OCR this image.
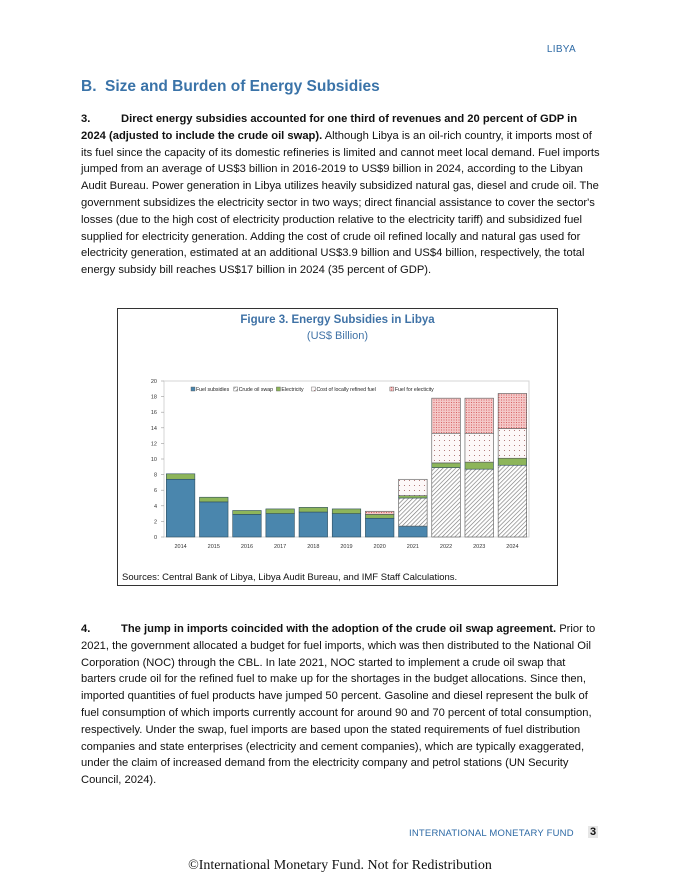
LIBYA
B. Size and Burden of Energy Subsidies
3.	Direct energy subsidies accounted for one third of revenues and 20 percent of GDP in 2024 (adjusted to include the crude oil swap). Although Libya is an oil-rich country, it imports most of its fuel since the capacity of its domestic refineries is limited and cannot meet local demand. Fuel imports jumped from an average of US$3 billion in 2016-2019 to US$9 billion in 2024, according to the Libyan Audit Bureau. Power generation in Libya utilizes heavily subsidized natural gas, diesel and crude oil. The government subsidizes the electricity sector in two ways; direct financial assistance to cover the sector's losses (due to the high cost of electricity production relative to the electricity tariff) and subsidized fuel supplied for electricity generation. Adding the cost of crude oil refined locally and natural gas used for electricity generation, estimated at an additional US$3.9 billion and US$4 billion, respectively, the total energy subsidy bill reaches US$17 billion in 2024 (35 percent of GDP).
Figure 3. Energy Subsidies in Libya
(US$ Billion)
0
2
4
6
8
10
12
14
16
18
20
2014	2015	2016	2017	2018	2019	2020	2021	2022	2023	2024
Fuel subsidies Crude oil swap Electricity Cost of locally refined fuel	Fuel for electicity
Sources: Central Bank of Libya, Libya Audit Bureau, and IMF Staff Calculations.
4.	The jump in imports coincided with the adoption of the crude oil swap agreement. Prior to 2021, the government allocated a budget for fuel imports, which was then distributed to the National Oil Corporation (NOC) through the CBL. In late 2021, NOC started to implement a crude oil swap that barters crude oil for the refined fuel to make up for the shortages in the budget allocations. Since then, imported quantities of fuel products have jumped 50 percent. Gasoline and diesel represent the bulk of fuel consumption of which imports currently account for around 90 and 70 percent of total consumption, respectively. Under the swap, fuel imports are based upon the stated requirements of fuel distribution companies and state enterprises (electricity and cement companies), which are typically exaggerated, under the claim of increased demand from the electricity company and petrol stations (UN Security Council, 2024).
INTERNATIONAL MONETARY FUND 3
©International Monetary Fund. Not for Redistribution
